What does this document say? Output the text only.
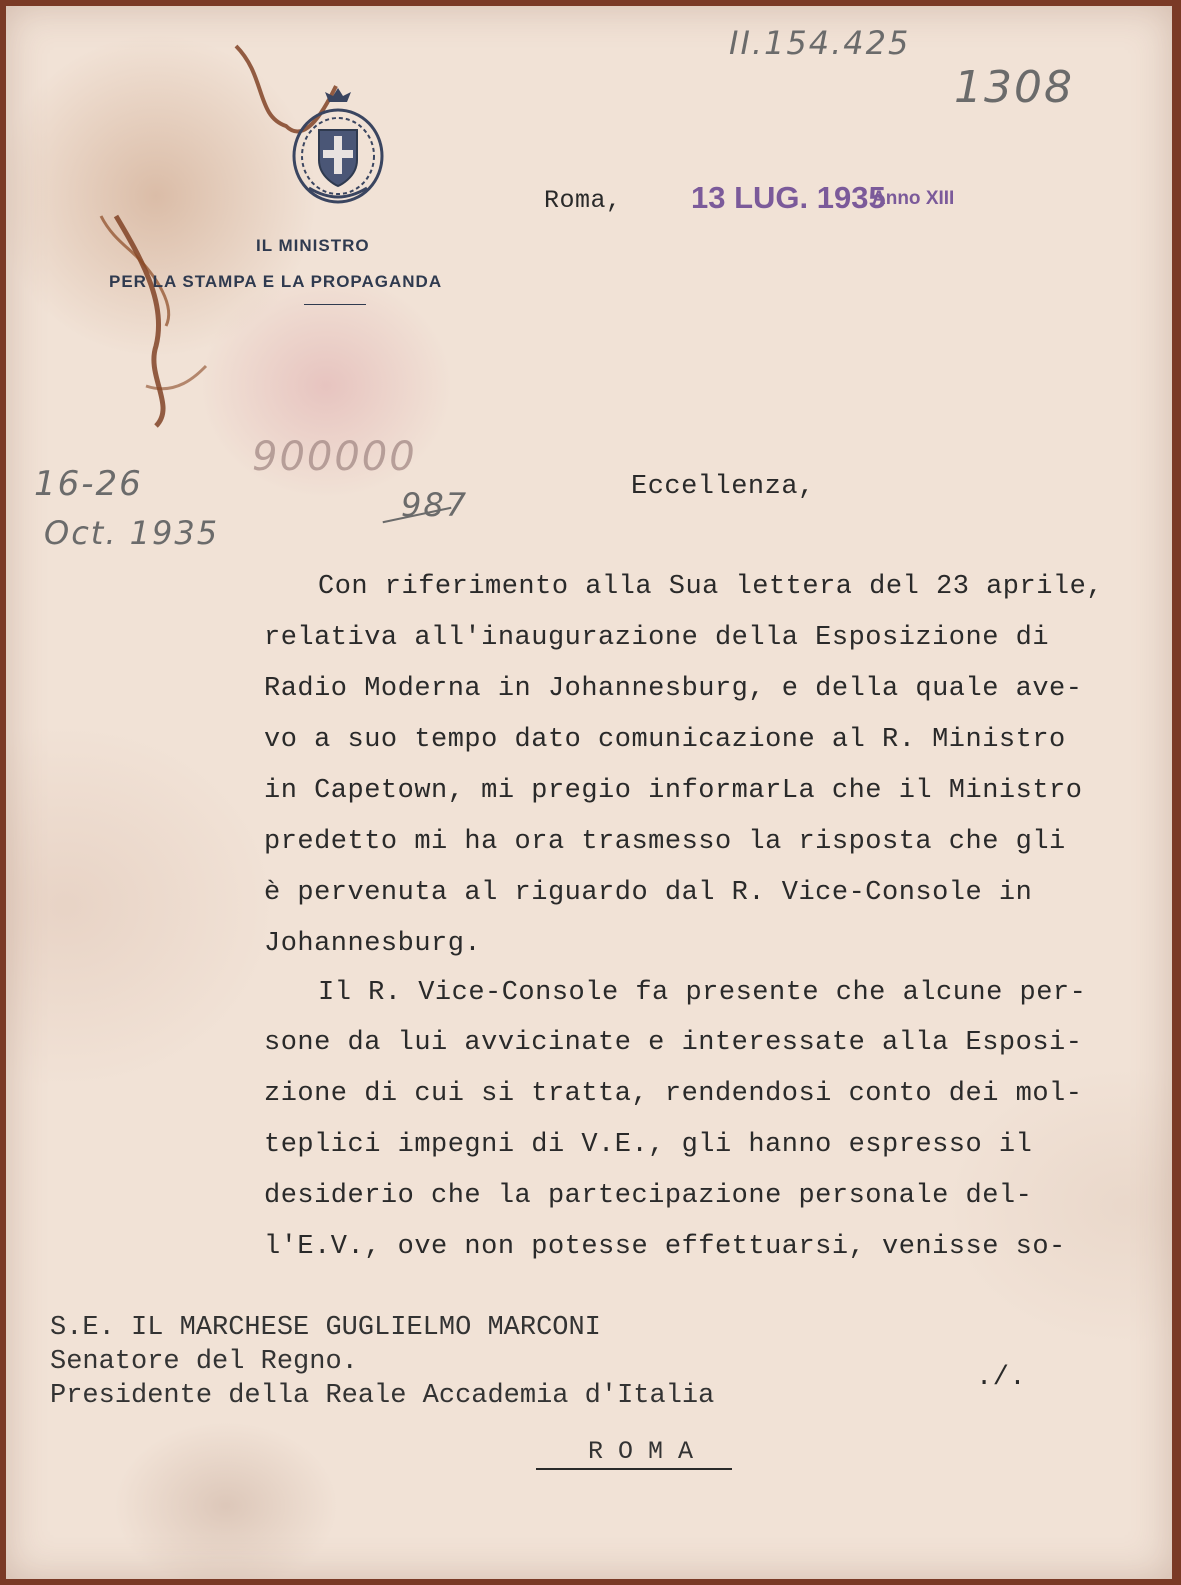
IL MINISTRO
PER LA STAMPA E LA PROPAGANDA
II.154.425
1308
16-26
Oct. 1935
900000
987
Roma, 13 LUG. 1935
Anno XIII
Eccellenza,
Con riferimento alla Sua lettera del 23 aprile,
relativa all'inaugurazione della Esposizione di
Radio Moderna in Johannesburg, e della quale ave-
vo a suo tempo dato comunicazione al R. Ministro
in Capetown, mi pregio informarLa che il Ministro
predetto mi ha ora trasmesso la risposta che gli
è pervenuta al riguardo dal R. Vice-Console in
Johannesburg.
Il R. Vice-Console fa presente che alcune per-
sone da lui avvicinate e interessate alla Esposi-
zione di cui si tratta, rendendosi conto dei mol-
teplici impegni di V.E., gli hanno espresso il
desiderio che la partecipazione personale del-
l'E.V., ove non potesse effettuarsi, venisse so-
S.E. IL MARCHESE GUGLIELMO MARCONI
Senatore del Regno.
Presidente della Reale Accademia d'Italia
R O M A
./.
